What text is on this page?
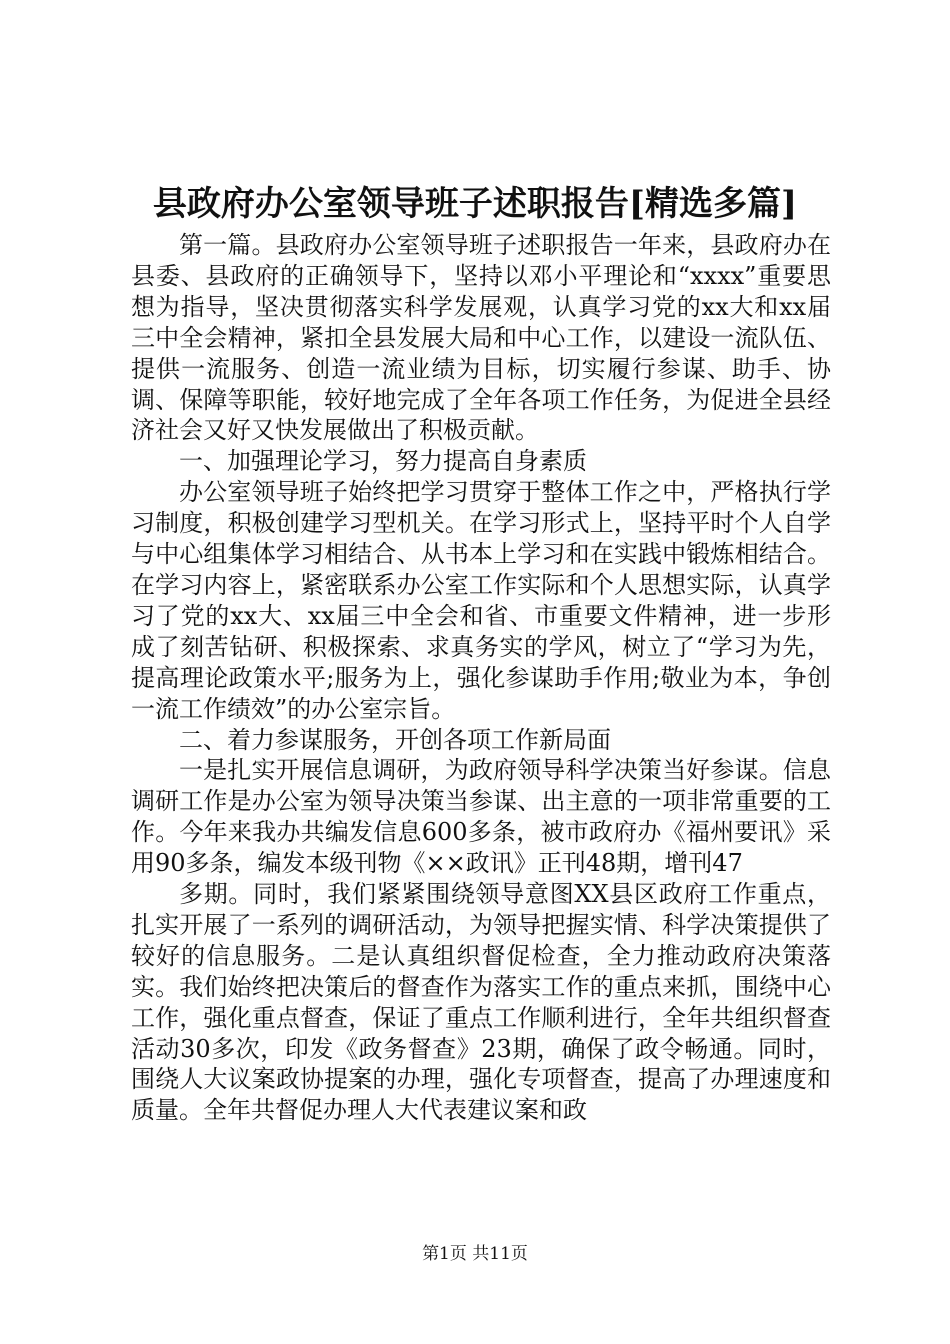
县政府办公室领导班子述职报告[精选多篇]

第一篇。县政府办公室领导班子述职报告一年来，县政府办在县委、县政府的正确领导下，坚持以邓小平理论和“xxxx”重要思想为指导，坚决贯彻落实科学发展观，认真学习党的xx大和xx届三中全会精神，紧扣全县发展大局和中心工作，以建设一流队伍、提供一流服务、创造一流业绩为目标，切实履行参谋、助手、协调、保障等职能，较好地完成了全年各项工作任务，为促进全县经济社会又好又快发展做出了积极贡献。

一、加强理论学习，努力提高自身素质

办公室领导班子始终把学习贯穿于整体工作之中，严格执行学习制度，积极创建学习型机关。在学习形式上，坚持平时个人自学与中心组集体学习相结合、从书本上学习和在实践中锻炼相结合。在学习内容上，紧密联系办公室工作实际和个人思想实际，认真学习了党的xx大、xx届三中全会和省、市重要文件精神，进一步形成了刻苦钻研、积极探索、求真务实的学风，树立了“学习为先，提高理论政策水平;服务为上，强化参谋助手作用;敬业为本，争创一流工作绩效”的办公室宗旨。

二、着力参谋服务，开创各项工作新局面

一是扎实开展信息调研，为政府领导科学决策当好参谋。信息调研工作是办公室为领导决策当参谋、出主意的一项非常重要的工作。今年来我办共编发信息600多条，被市政府办《福州要讯》采用90多条，编发本级刊物《××政讯》正刊48期，增刊47

多期。同时，我们紧紧围绕领导意图XX县区政府工作重点，扎实开展了一系列的调研活动，为领导把握实情、科学决策提供了较好的信息服务。二是认真组织督促检查，全力推动政府决策落实。我们始终把决策后的督查作为落实工作的重点来抓，围绕中心工作，强化重点督查，保证了重点工作顺利进行，全年共组织督查活动30多次，印发《政务督查》23期，确保了政令畅通。同时，围绕人大议案政协提案的办理，强化专项督查，提高了办理速度和质量。全年共督促办理人大代表建议案和政

第1页 共11页
